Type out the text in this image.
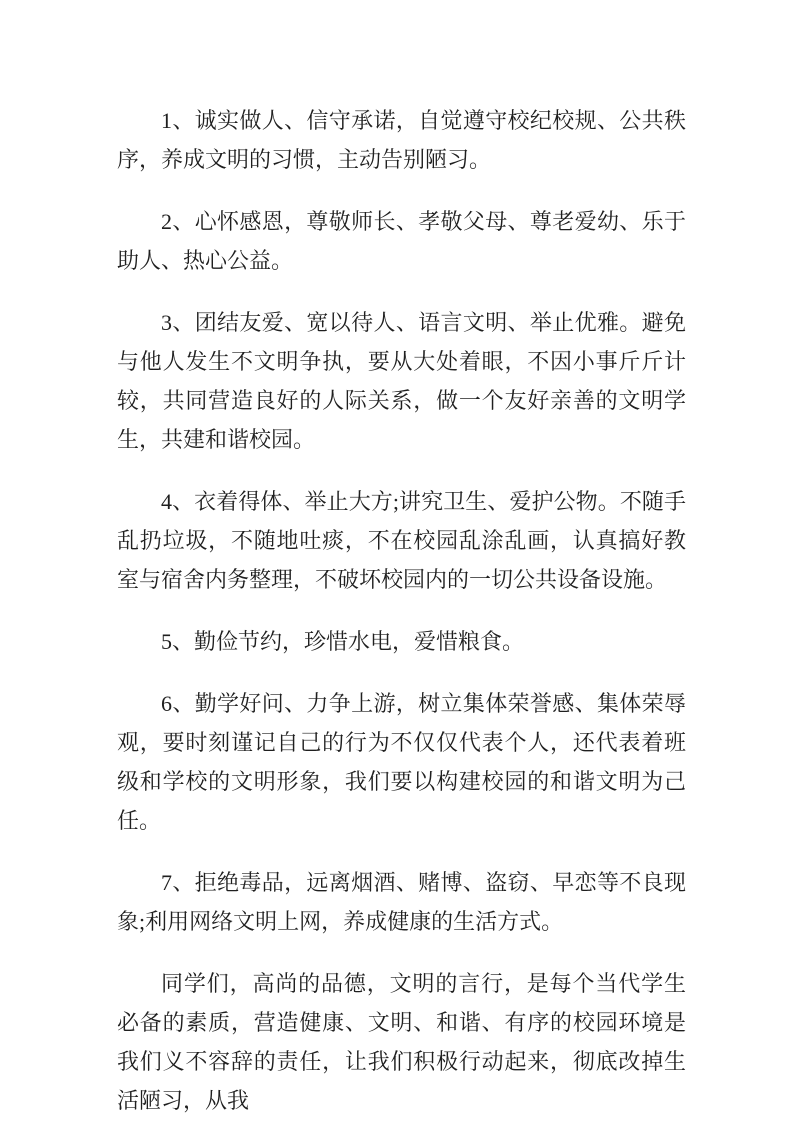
1、诚实做人、信守承诺，自觉遵守校纪校规、公共秩序，养成文明的习惯，主动告别陋习。

2、心怀感恩，尊敬师长、孝敬父母、尊老爱幼、乐于助人、热心公益。

3、团结友爱、宽以待人、语言文明、举止优雅。避免与他人发生不文明争执，要从大处着眼，不因小事斤斤计较，共同营造良好的人际关系，做一个友好亲善的文明学生，共建和谐校园。

4、衣着得体、举止大方;讲究卫生、爱护公物。不随手乱扔垃圾，不随地吐痰，不在校园乱涂乱画，认真搞好教室与宿舍内务整理，不破坏校园内的一切公共设备设施。

5、勤俭节约，珍惜水电，爱惜粮食。

6、勤学好问、力争上游，树立集体荣誉感、集体荣辱观，要时刻谨记自己的行为不仅仅代表个人，还代表着班级和学校的文明形象，我们要以构建校园的和谐文明为己任。

7、拒绝毒品，远离烟酒、赌博、盗窃、早恋等不良现象;利用网络文明上网，养成健康的生活方式。

同学们，高尚的品德，文明的言行，是每个当代学生必备的素质，营造健康、文明、和谐、有序的校园环境是我们义不容辞的责任，让我们积极行动起来，彻底改掉生活陋习，从我
